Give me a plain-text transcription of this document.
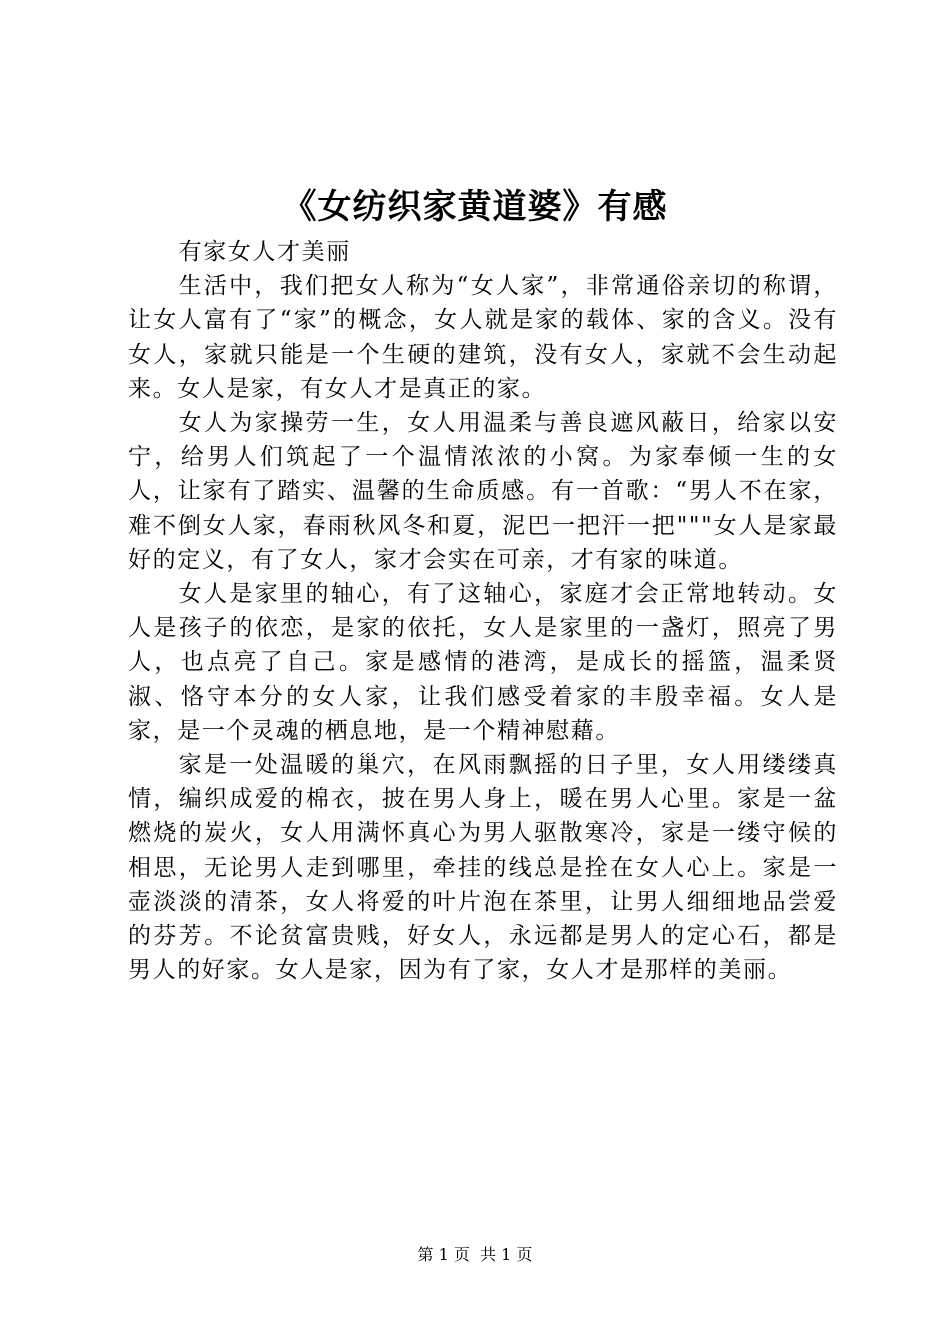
《女纺织家黄道婆》有感

有家女人才美丽

生活中，我们把女人称为“女人家”，非常通俗亲切的称谓，让女人富有了“家”的概念，女人就是家的载体、家的含义。没有女人，家就只能是一个生硬的建筑，没有女人，家就不会生动起来。女人是家，有女人才是真正的家。

女人为家操劳一生，女人用温柔与善良遮风蔽日，给家以安宁，给男人们筑起了一个温情浓浓的小窝。为家奉倾一生的女人，让家有了踏实、温馨的生命质感。有一首歌：“男人不在家，难不倒女人家，春雨秋风冬和夏，泥巴一把汗一把"""女人是家最好的定义，有了女人，家才会实在可亲，才有家的味道。

女人是家里的轴心，有了这轴心，家庭才会正常地转动。女人是孩子的依恋，是家的依托，女人是家里的一盏灯，照亮了男人，也点亮了自己。家是感情的港湾，是成长的摇篮，温柔贤淑、恪守本分的女人家，让我们感受着家的丰殷幸福。女人是家，是一个灵魂的栖息地，是一个精神慰藉。

家是一处温暖的巢穴，在风雨飘摇的日子里，女人用缕缕真情，编织成爱的棉衣，披在男人身上，暖在男人心里。家是一盆燃烧的炭火，女人用满怀真心为男人驱散寒冷，家是一缕守候的相思，无论男人走到哪里，牵挂的线总是拴在女人心上。家是一壶淡淡的清茶，女人将爱的叶片泡在茶里，让男人细细地品尝爱的芬芳。不论贫富贵贱，好女人，永远都是男人的定心石，都是男人的好家。女人是家，因为有了家，女人才是那样的美丽。

第 1 页  共 1 页
